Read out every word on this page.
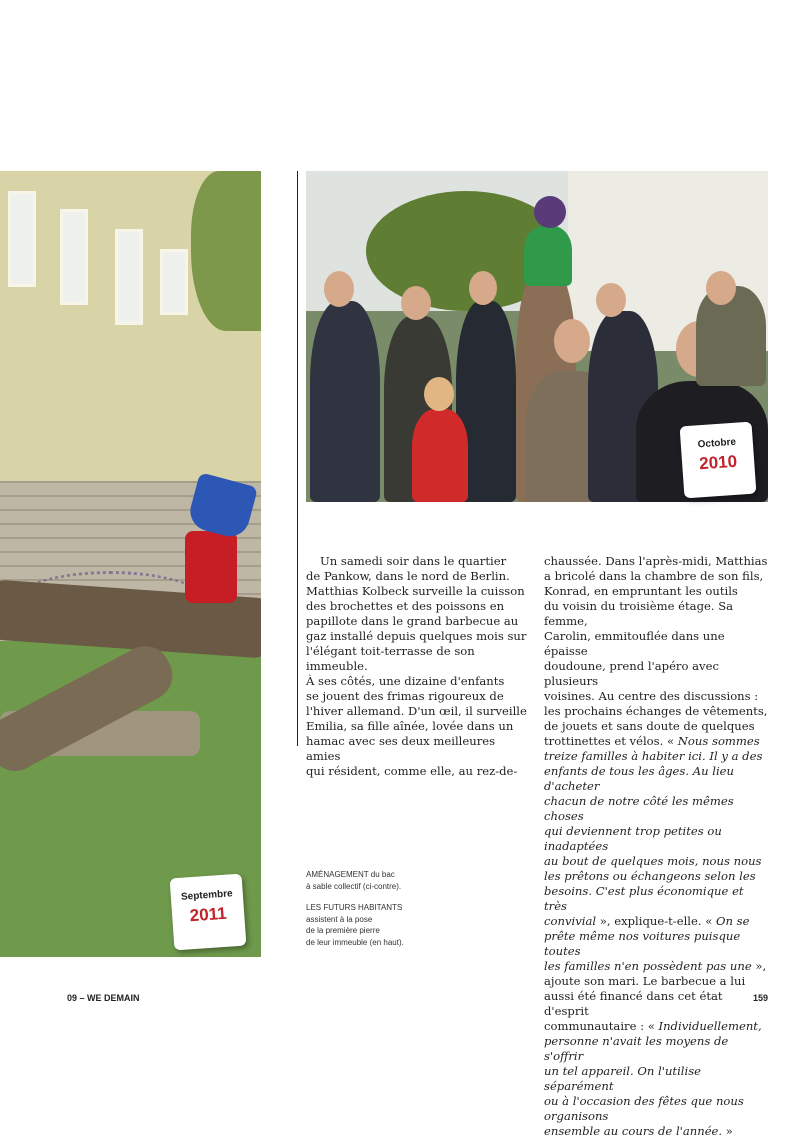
Octobre
2010
Septembre
2011

Un samedi soir dans le quartier
de Pankow, dans le nord de Berlin.
Matthias Kolbeck surveille la cuisson
des brochettes et des poissons en
papillote dans le grand barbecue au
gaz installé depuis quelques mois sur
l'élégant toit-terrasse de son immeuble.
À ses côtés, une dizaine d'enfants
se jouent des frimas rigoureux de
l'hiver allemand. D'un œil, il surveille
Emilia, sa fille aînée, lovée dans un
hamac avec ses deux meilleures amies
qui résident, comme elle, au rez-de-

chaussée. Dans l'après-midi, Matthias
a bricolé dans la chambre de son fils,
Konrad, en empruntant les outils
du voisin du troisième étage. Sa femme,
Carolin, emmitouflée dans une épaisse
doudoune, prend l'apéro avec plusieurs
voisines. Au centre des discussions :
les prochains échanges de vêtements,
de jouets et sans doute de quelques
trottinettes et vélos. « Nous sommes
treize familles à habiter ici. Il y a des
enfants de tous les âges. Au lieu d'acheter
chacun de notre côté les mêmes choses
qui deviennent trop petites ou inadaptées
au bout de quelques mois, nous nous
les prêtons ou échangeons selon les
besoins. C'est plus économique et très
convivial », explique-t-elle. « On se
prête même nos voitures puisque toutes
les familles n'en possèdent pas une »,
ajoute son mari. Le barbecue a lui
aussi été financé dans cet état d'esprit
communautaire : « Individuellement,
personne n'avait les moyens de s'offrir
un tel appareil. On l'utilise séparément
ou à l'occasion des fêtes que nous organisons
ensemble au cours de l'année. »

AMÉNAGEMENT du bac
à sable collectif (ci-contre).

LES FUTURS HABITANTS
assistent à la pose
de la première pierre
de leur immeuble (en haut).

09 – WE DEMAIN	159
